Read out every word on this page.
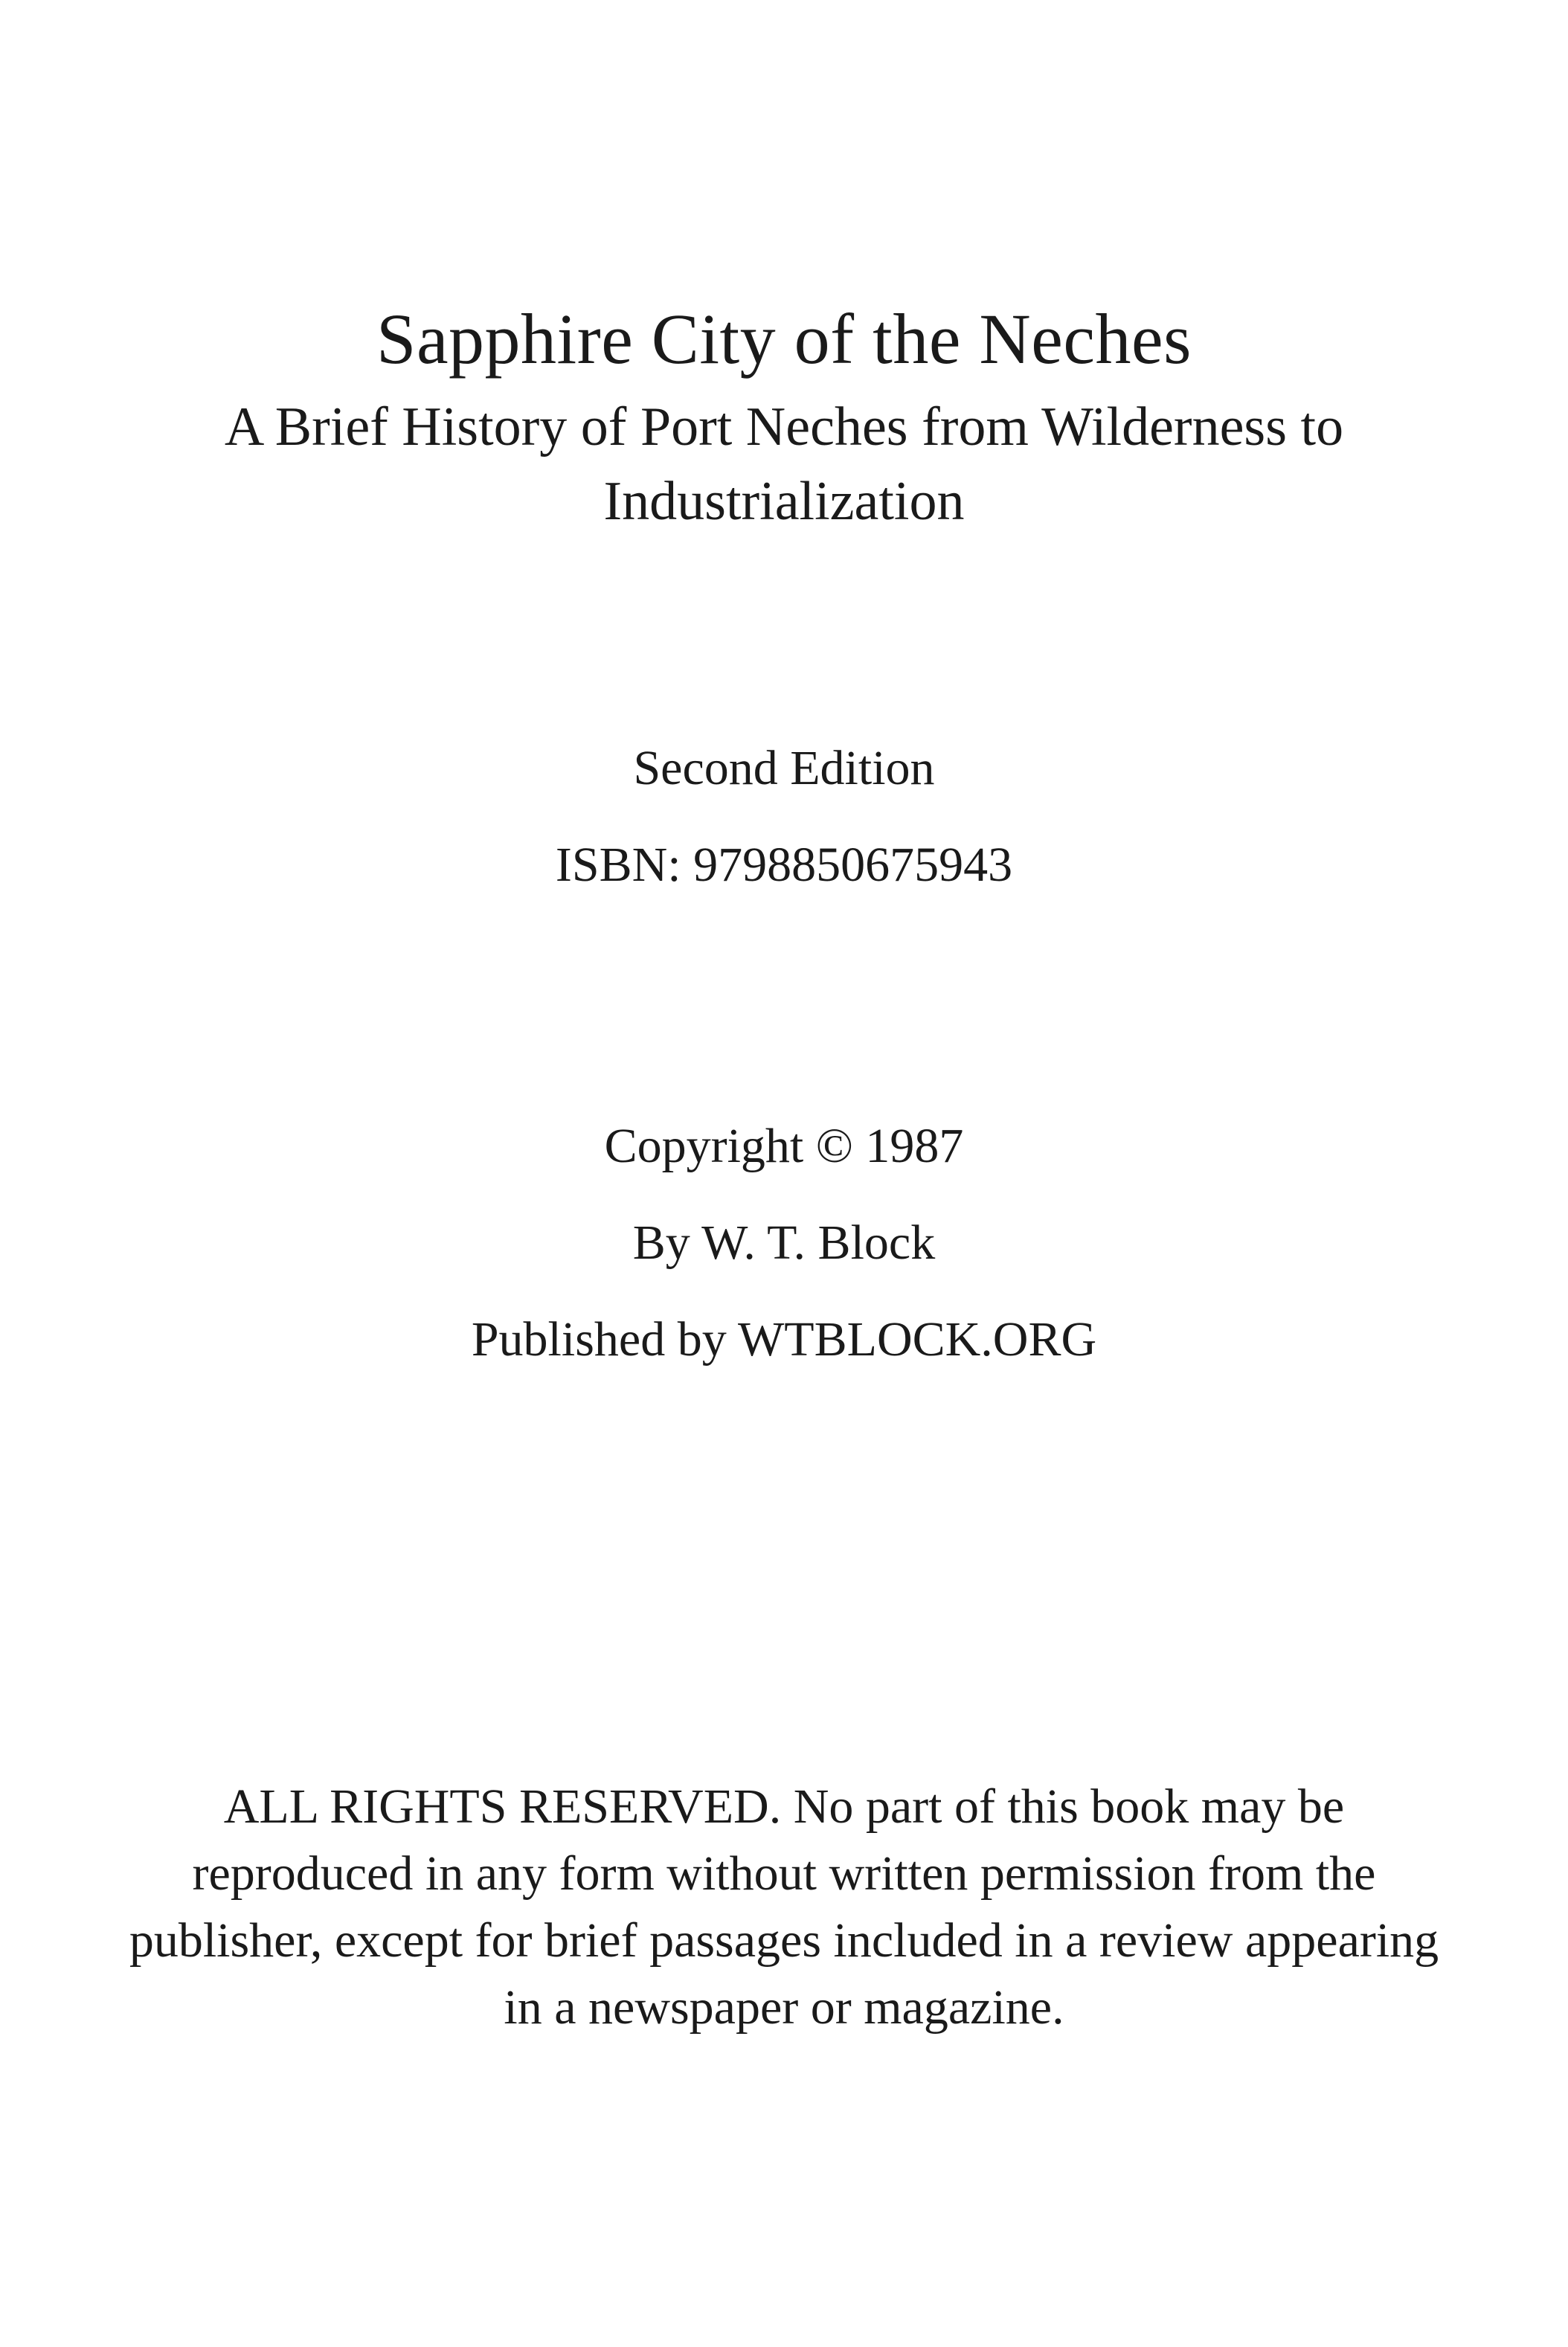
Sapphire City of the Neches
A Brief History of Port Neches from Wilderness to Industrialization
Second Edition
ISBN: 9798850675943
Copyright © 1987
By W. T. Block
Published by WTBLOCK.ORG
ALL RIGHTS RESERVED. No part of this book may be reproduced in any form without written permission from the publisher, except for brief passages included in a review appearing in a newspaper or magazine.
